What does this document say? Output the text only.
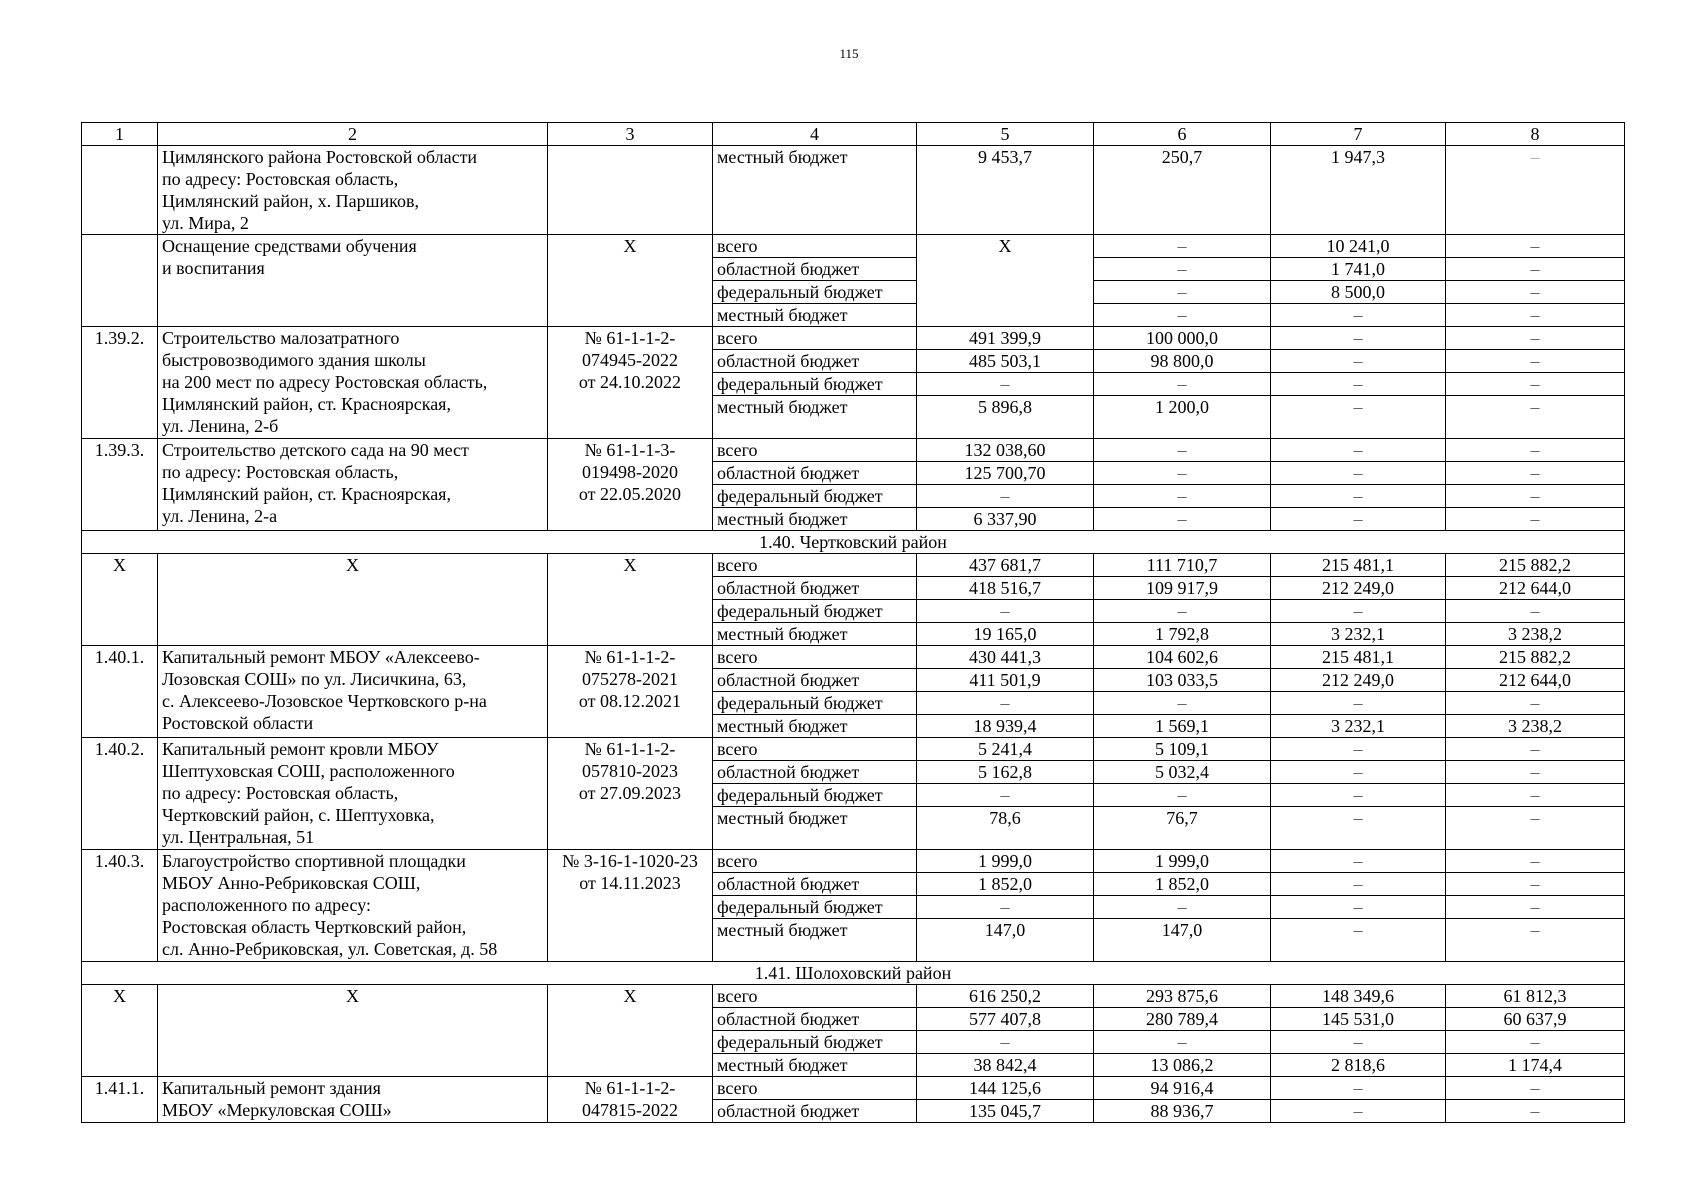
115
1	2	3	4	5	6	7	8
	Цимлянского района Ростовской области
по адресу: Ростовская область,
Цимлянский район, х. Паршиков,
ул. Мира, 2		местный бюджет	9 453,7	250,7	1 947,3	–
	Оснащение средствами обучения
и воспитания	X	всего	X	–	10 241,0	–
			областной бюджет		–	1 741,0	–
			федеральный бюджет		–	8 500,0	–
			местный бюджет		–	–	–
1.39.2.	Строительство малозатратного
быстровозводимого здания школы
на 200 мест по адресу Ростовская область,
Цимлянский район, ст. Красноярская,
ул. Ленина, 2-б	№ 61-1-1-2-
074945-2022
от 24.10.2022	всего	491 399,9	100 000,0	–	–
			областной бюджет	485 503,1	98 800,0	–	–
			федеральный бюджет	–	–	–	–
			местный бюджет	5 896,8	1 200,0	–	–
1.39.3.	Строительство детского сада на 90 мест
по адресу: Ростовская область,
Цимлянский район, ст. Красноярская,
ул. Ленина, 2-а	№ 61-1-1-3-
019498-2020
от 22.05.2020	всего	132 038,60	–	–	–
			областной бюджет	125 700,70	–	–	–
			федеральный бюджет	–	–	–	–
			местный бюджет	6 337,90	–	–	–
1.40. Чертковский район							
X	X	X	всего	437 681,7	111 710,7	215 481,1	215 882,2
			областной бюджет	418 516,7	109 917,9	212 249,0	212 644,0
			федеральный бюджет	–	–	–	–
			местный бюджет	19 165,0	1 792,8	3 232,1	3 238,2
1.40.1.	Капитальный ремонт МБОУ «Алексеево-
Лозовская СОШ» по ул. Лисичкина, 63,
с. Алексеево-Лозовское Чертковского р-на
Ростовской области	№ 61-1-1-2-
075278-2021
от 08.12.2021	всего	430 441,3	104 602,6	215 481,1	215 882,2
			областной бюджет	411 501,9	103 033,5	212 249,0	212 644,0
			федеральный бюджет	–	–	–	–
			местный бюджет	18 939,4	1 569,1	3 232,1	3 238,2
1.40.2.	Капитальный ремонт кровли МБОУ
Шептуховская СОШ, расположенного
по адресу: Ростовская область,
Чертковский район, с. Шептуховка,
ул. Центральная, 51	№ 61-1-1-2-
057810-2023
от 27.09.2023	всего	5 241,4	5 109,1	–	–
			областной бюджет	5 162,8	5 032,4	–	–
			федеральный бюджет	–	–	–	–
			местный бюджет	78,6	76,7	–	–
1.40.3.	Благоустройство спортивной площадки
МБОУ Анно-Ребриковская СОШ,
расположенного по адресу:
Ростовская область Чертковский район,
сл. Анно-Ребриковская, ул. Советская, д. 58	№ 3-16-1-1020-23
от 14.11.2023	всего	1 999,0	1 999,0	–	–
			областной бюджет	1 852,0	1 852,0	–	–
			федеральный бюджет	–	–	–	–
			местный бюджет	147,0	147,0	–	–
1.41. Шолоховский район							
X	X	X	всего	616 250,2	293 875,6	148 349,6	61 812,3
			областной бюджет	577 407,8	280 789,4	145 531,0	60 637,9
			федеральный бюджет	–	–	–	–
			местный бюджет	38 842,4	13 086,2	2 818,6	1 174,4
1.41.1.	Капитальный ремонт здания
МБОУ «Меркуловская СОШ»	№ 61-1-1-2-
047815-2022	всего	144 125,6	94 916,4	–	–
			областной бюджет	135 045,7	88 936,7	–	–
